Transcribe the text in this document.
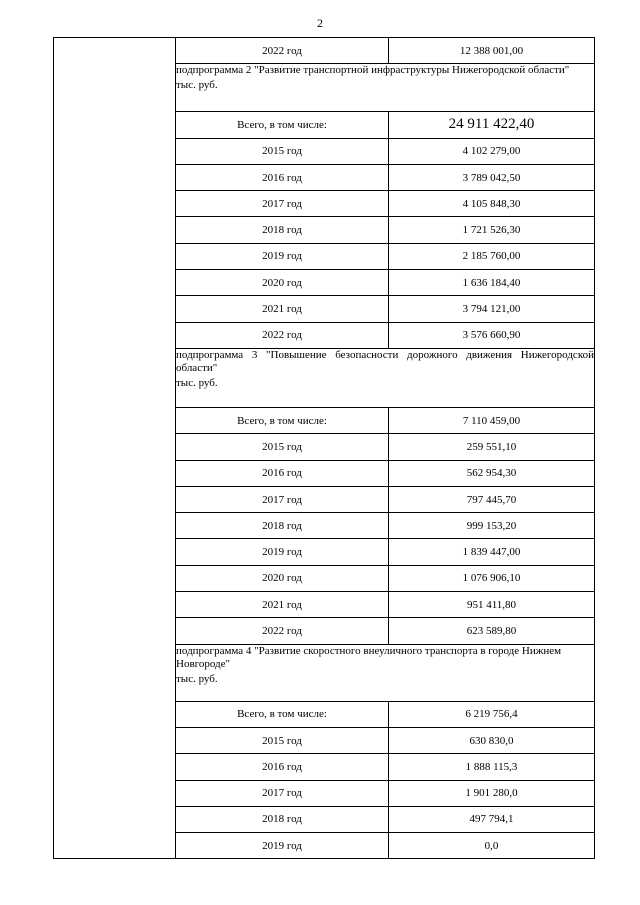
2
	2022 год	12 388 001,00

	подпрограмма 2 "Развитие транспортной инфраструктуры Нижегородской области"
тыс. руб.	

	Всего, в том числе:	24 911 422,40
	2015 год	4 102 279,00
	2016 год	3 789 042,50
	2017 год	4 105 848,30
	2018 год	1 721 526,30
	2019 год	2 185 760,00
	2020 год	1 636 184,40
	2021 год	3 794 121,00
	2022 год	3 576 660,90

	подпрограмма 3 "Повышение безопасности дорожного движения Нижегородской области"
тыс. руб.	

	Всего, в том числе:	7 110 459,00
	2015 год	259 551,10
	2016 год	562 954,30
	2017 год	797 445,70
	2018 год	999 153,20
	2019 год	1 839 447,00
	2020 год	1 076 906,10
	2021 год	951 411,80
	2022 год	623 589,80

	подпрограмма 4 "Развитие скоростного внеуличного транспорта в городе Нижнем Новгороде"
тыс. руб.	

	Всего, в том числе:	6 219 756,4
	2015 год	630 830,0
	2016 год	1 888 115,3
	2017 год	1 901 280,0
	2018 год	497 794,1
	2019 год	0,0
